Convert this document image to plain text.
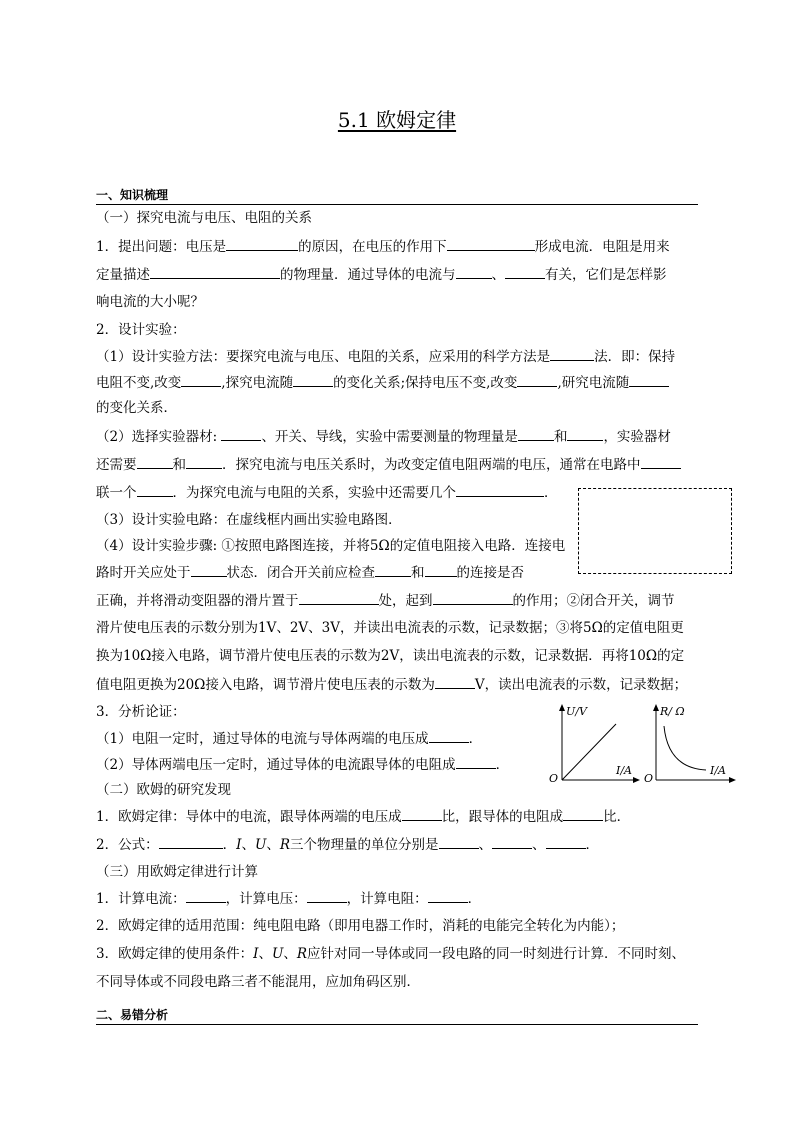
5.1 欧姆定律
一、知识梳理
（一）探究电流与电压、电阻的关系
1．提出问题：电压是	的原因，在电压的作用下	形成电流．电阻是用来
定量描述	的物理量．通过导体的电流与	、	有关，它们是怎样影
响电流的大小呢？
2．设计实验：
（1）设计实验方法：要探究电流与电压、电阻的关系，应采用的科学方法是	法．即：保持
电阻不变,改变	,探究电流随	的变化关系;保持电压不变,改变	,研究电流随
的变化关系．
（2）选择实验器材:	、开关、导线，实验中需要测量的物理量是	和	，实验器材
还需要	和	．探究电流与电压关系时，为改变定值电阻两端的电压，通常在电路中
联一个	．为探究电流与电阻的关系，实验中还需要几个	．
（3）设计实验电路：在虚线框内画出实验电路图．
（4）设计实验步骤: ①按照电路图连接，并将5Ω的定值电阻接入电路．连接电
路时开关应处于	状态．闭合开关前应检查	和 的连接是否
正确，并将滑动变阻器的滑片置于	处，起到	的作用；②闭合开关，调节
滑片使电压表的示数分别为1V、2V、3V，并读出电流表的示数，记录数据；③将5Ω的定值电阻更
换为10Ω接入电路，调节滑片使电压表的示数为2V，读出电流表的示数，记录数据．再将10Ω的定
值电阻更换为20Ω接入电路，调节滑片使电压表的示数为	V，读出电流表的示数，记录数据；
3．分析论证：
（1）电阻一定时，通过导体的电流与导体两端的电压成	．
（2）导体两端电压一定时，通过导体的电流跟导体的电阻成	．
U/V
I/A
O
R/ Ω
I/A
O
（二）欧姆的研究发现
1．欧姆定律：导体中的电流，跟导体两端的电压成	比，跟导体的电阻成	比．
2．公式：	．I、U、R三个物理量的单位分别是	、	、	．
（三）用欧姆定律进行计算
1．计算电流：	，计算电压：	，计算电阻：	．
2．欧姆定律的适用范围：纯电阻电路（即用电器工作时，消耗的电能完全转化为内能）；
3．欧姆定律的使用条件：I、U、R应针对同一导体或同一段电路的同一时刻进行计算．不同时刻、
不同导体或不同段电路三者不能混用，应加角码区别．
二、易错分析
